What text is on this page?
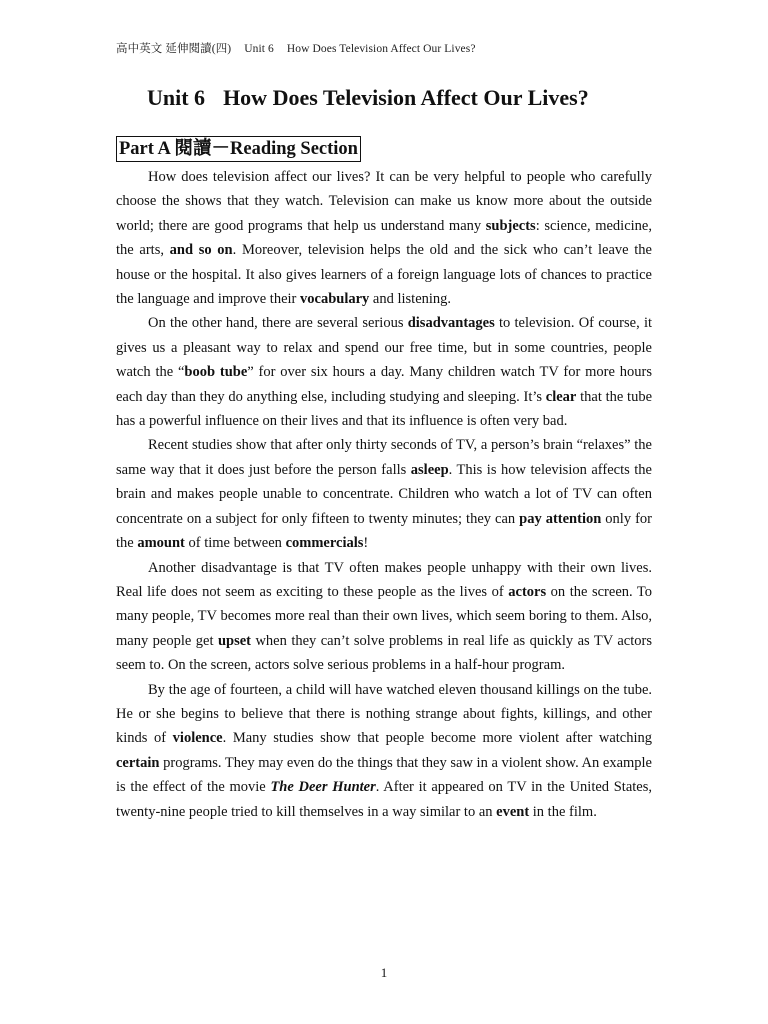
高中英文 延伸閱讀(四) Unit 6 How Does Television Affect Our Lives?
Unit 6 How Does Television Affect Our Lives?
Part A 閱讀－Reading Section

How does television affect our lives? It can be very helpful to people who carefully choose the shows that they watch. Television can make us know more about the outside world; there are good programs that help us understand many subjects: science, medicine, the arts, and so on. Moreover, television helps the old and the sick who can’t leave the house or the hospital. It also gives learners of a foreign language lots of chances to practice the language and improve their vocabulary and listening.

On the other hand, there are several serious disadvantages to television. Of course, it gives us a pleasant way to relax and spend our free time, but in some countries, people watch the “boob tube” for over six hours a day. Many children watch TV for more hours each day than they do anything else, including studying and sleeping. It’s clear that the tube has a powerful influence on their lives and that its influence is often very bad.

Recent studies show that after only thirty seconds of TV, a person’s brain “relaxes” the same way that it does just before the person falls asleep. This is how television affects the brain and makes people unable to concentrate. Children who watch a lot of TV can often concentrate on a subject for only fifteen to twenty minutes; they can pay attention only for the amount of time between commercials!

Another disadvantage is that TV often makes people unhappy with their own lives. Real life does not seem as exciting to these people as the lives of actors on the screen. To many people, TV becomes more real than their own lives, which seem boring to them. Also, many people get upset when they can’t solve problems in real life as quickly as TV actors seem to. On the screen, actors solve serious problems in a half-hour program.

By the age of fourteen, a child will have watched eleven thousand killings on the tube. He or she begins to believe that there is nothing strange about fights, killings, and other kinds of violence. Many studies show that people become more violent after watching certain programs. They may even do the things that they saw in a violent show. An example is the effect of the movie The Deer Hunter. After it appeared on TV in the United States, twenty-nine people tried to kill themselves in a way similar to an event in the film.

1
